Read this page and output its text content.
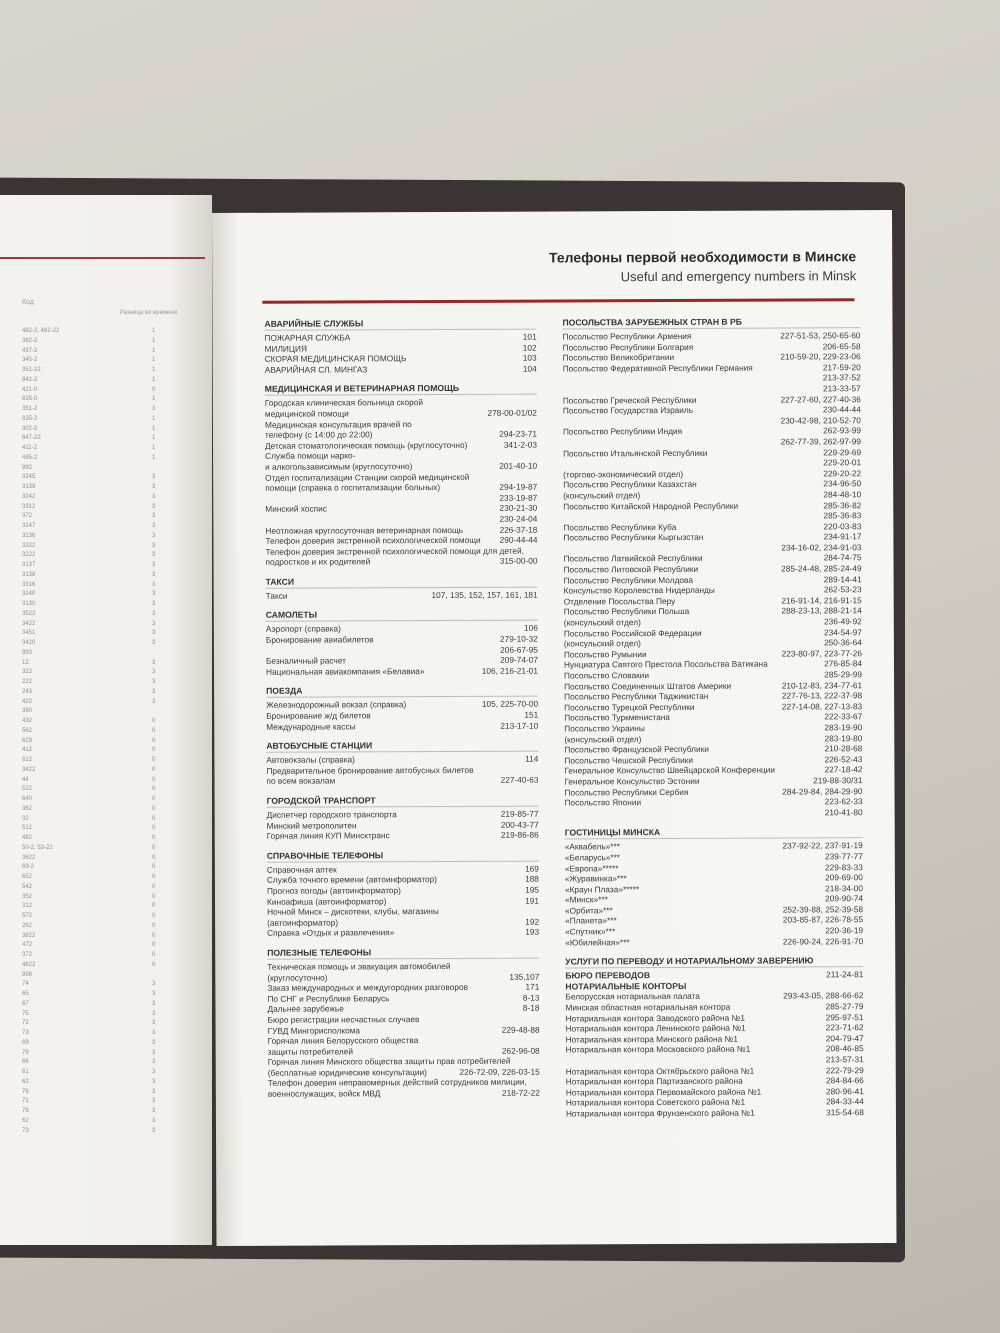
Код
Разница во времени
482-2, 482-22	1
382-2	1
497-2	1
345-2	1
351-22	1
842-2	1
421-0	0
835-0	1
351-2	3
835-2	1
302-2	1
847-22	1
411-2	1
485-2	1
992
3245	3
3139	3
3242	3
3312	3
372	3
3247	3
3136	3
3322	3
3222	3
3137	3
3138	3
3316	3
3240	3
3130	3
3522	3
3422	3
3451	3
3420	3
993
12	3
322	3
222	3
243	3
422	3
380
432	0
562	0
629	0
412	0
612	0
3422	0
44	0
522	0
640	0
362	0
32	0
512	0
482	0
50-2, 53-22	0
3622	0
69-2	0
652	0
542	0
352	0
312	0
572	0
262	0
3822	0
472	0
372	0
4622	0
998
74	3
65	3
67	3
75	3
72	3
73	3
69	3
79	3
66	3
61	3
62	3
76	3
71	3
78	3
62	3
73	3
Телефоны первой необходимости в Минске
Useful and emergency numbers in Minsk
АВАРИЙНЫЕ СЛУЖБЫ
ПОЖАРНАЯ СЛУЖБА	101
МИЛИЦИЯ	102
СКОРАЯ МЕДИЦИНСКАЯ ПОМОЩЬ	103
АВАРИЙНАЯ СЛ. МИНГАЗ	104
МЕДИЦИНСКАЯ И ВЕТЕРИНАРНАЯ ПОМОЩЬ
Городская клиническая больница скорой
медицинской помощи	278-00-01/02
Медицинская консультация врачей по
телефону (с 14:00 до 22:00)	294-23-71
Детская стоматологическая помощь (круглосуточно)	341-2-03
Служба помощи нарко-
и алкогользависимым (круглосуточно)	201-40-10
Отдел госпитализации Станции скорой медицинской
помощи (справка о госпитализации больных)	294-19-87
233-19-87
Минский хоспис	230-21-30
230-24-04
Неотложная круглосуточная ветеринарная помощь	226-37-18
Телефон доверия экстренной психологической помощи	290-44-44
Телефон доверия экстренной психологической помощи для детей,
подростков и их родителей	315-00-00
ТАКСИ
Такси	107, 135, 152, 157, 161, 181
САМОЛЕТЫ
Аэропорт (справка)	106
Бронирование авиабилетов	279-10-32
206-67-95
Безналичный расчет	209-74-07
Национальная авиакомпания «Белавиа»	106, 216-21-01
ПОЕЗДА
Железнодорожный вокзал (справка)	105, 225-70-00
Бронирование ж/д билетов	151
Международные кассы	213-17-10
АВТОБУСНЫЕ СТАНЦИИ
Автовокзалы (справка)	114
Предварительное бронирование автобусных билетов
по всем вокзалам	227-40-63
ГОРОДСКОЙ ТРАНСПОРТ
Диспетчер городского транспорта	219-85-77
Минский метрополитен	200-43-77
Горячая линия КУП Минсктранс	219-86-86
СПРАВОЧНЫЕ ТЕЛЕФОНЫ
Справочная аптек	169
Служба точного времени (автоинформатор)	188
Прогноз погоды (автоинформатор)	195
Киноафиша (автоинформатор)	191
Ночной Минск – дискотеки, клубы, магазины
(автоинформатор)	192
Справка «Отдых и развлечения»	193
ПОЛЕЗНЫЕ ТЕЛЕФОНЫ
Техническая помощь и эвакуация автомобилей
(круглосуточно)	135,107
Заказ международных и междугородних разговоров	171
По СНГ и Республике Беларусь	8-13
Дальнее зарубежье	8-18
Бюро регистрации несчастных случаев
ГУВД Мингорисполкома	229-48-88
Горячая линия Белорусского общества
защиты потребителей	262-96-08
Горячая линия Минского общества защиты прав потребителей
(бесплатные юридические консультации)	226-72-09, 226-03-15
Телефон доверия неправомерных действий сотрудников милиции,
военнослужащих, войск МВД	218-72-22
ПОСОЛЬСТВА ЗАРУБЕЖНЫХ СТРАН В РБ
Посольство Республики Армения	227-51-53, 250-65-60
Посольство Республики Болгария	206-65-58
Посольство Великобритании	210-59-20, 229-23-06
Посольство Федеративной Республики Германия	217-59-20
213-37-52
213-33-57
Посольство Греческой Республики	227-27-60, 227-40-36
Посольство Государства Израиль	230-44-44
230-42-98, 210-52-70
Посольство Республики Индия	262-93-99
262-77-39, 262-97-99
Посольство Итальянской Республики	229-29-69
229-20-01
(торгово-экономический отдел)	229-20-22
Посольство Республики Казахстан	234-96-50
(консульский отдел)	284-48-10
Посольство Китайской Народной Республики	285-36-82
285-36-83
Посольство Республики Куба	220-03-83
Посольство Республики Кыргызстан	234-91-17
234-16-02, 234-91-03
Посольство Латвийской Республики	284-74-75
Посольство Литовской Республики	285-24-48, 285-24-49
Посольство Республики Молдова	289-14-41
Консульство Королевства Нидерланды	262-53-23
Отделение Посольства Перу	216-91-14, 216-91-15
Посольство Республики Польша	288-23-13, 288-21-14
(консульский отдел)	236-49-92
Посольство Российской Федерации	234-54-97
(консульский отдел)	250-36-64
Посольство Румынии	223-80-97, 223-77-26
Нунциатура Святого Престола Посольства Ватикана	276-85-84
Посольство Словакии	285-29-99
Посольство Соединенных Штатов Америки	210-12-83, 234-77-61
Посольство Республики Таджикистан	227-76-13, 222-37-98
Посольство Турецкой Республики	227-14-08, 227-13-83
Посольство Туркменистана	222-33-67
Посольство Украины	283-19-90
(консульский отдел)	283-19-80
Посольство Французской Республики	210-28-68
Посольство Чешской Республики	226-52-43
Генеральное Консульство Швейцарской Конференции	227-18-42
Генеральное Консульство Эстонии	219-88-30/31
Посольство Республики Сербия	284-29-84, 284-29-90
Посольство Японии	223-62-33
210-41-80
ГОСТИНИЦЫ МИНСКА
«Аквабель»***	237-92-22, 237-91-19
«Беларусь»***	239-77-77
«Европа»*****	229-83-33
«Журавинка»***	209-69-00
«Краун Плаза»*****	218-34-00
«Минск»***	209-90-74
«Орбита»***	252-39-88, 252-39-58
«Планета»***	203-85-87, 226-78-55
«Спутник»***	220-36-19
«Юбилейная»***	226-90-24, 226-91-70
УСЛУГИ ПО ПЕРЕВОДУ И НОТАРИАЛЬНОМУ ЗАВЕРЕНИЮ
БЮРО ПЕРЕВОДОВ	211-24-81
НОТАРИАЛЬНЫЕ КОНТОРЫ
Белорусская нотариальная палата	293-43-05, 288-66-62
Минская областная нотариальная контора	285-27-79
Нотариальная контора Заводского района №1	295-97-51
Нотариальная контора Ленинского района №1	223-71-62
Нотариальная контора Минского района №1	204-79-47
Нотариальная контора Московского района №1	208-46-85
213-57-31
Нотариальная контора Октябрьского района №1	222-79-29
Нотариальная контора Партизанского района	284-84-66
Нотариальная контора Первомайского района №1	280-96-41
Нотариальная контора Советского района №1	284-33-44
Нотариальная контора Фрунзенского района №1	315-54-68
